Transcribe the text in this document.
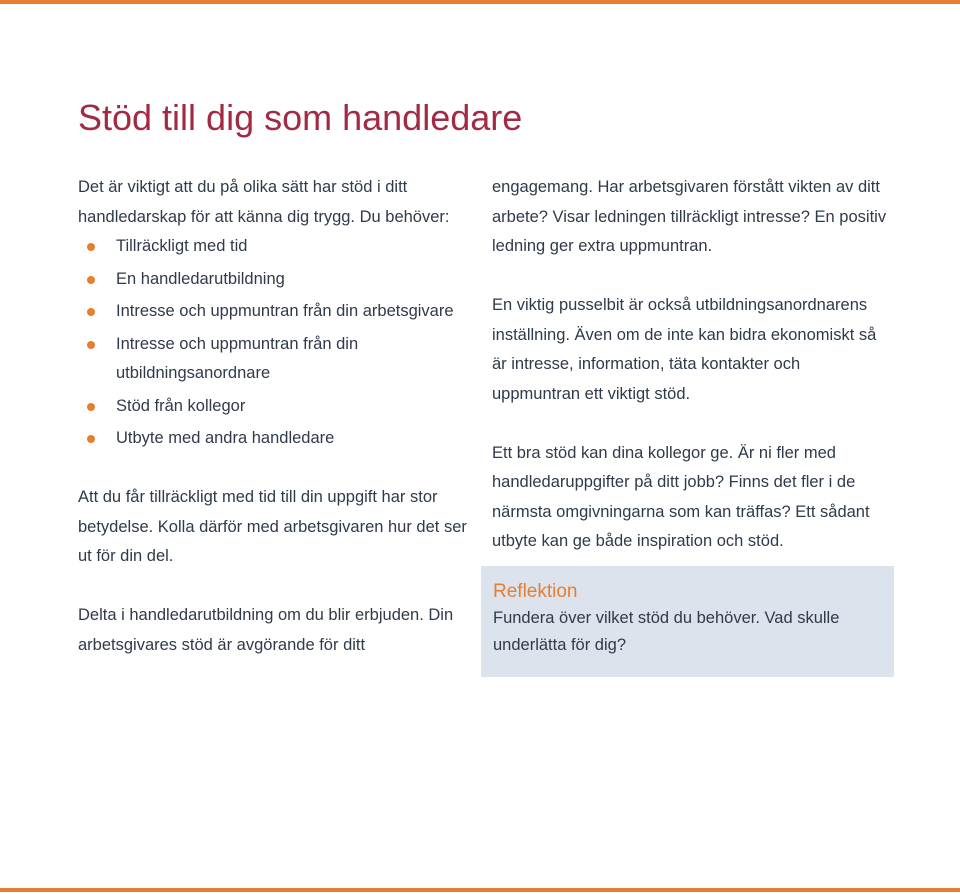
Stöd till dig som handledare

Det är viktigt att du på olika sätt har stöd i ditt handledarskap för att känna dig trygg. Du behöver:

Tillräckligt med tid
En handledarutbildning
Intresse och uppmuntran från din arbetsgivare
Intresse och uppmuntran från din utbildningsanordnare
Stöd från kollegor
Utbyte med andra handledare

Att du får tillräckligt med tid till din uppgift har stor betydelse. Kolla därför med arbetsgivaren hur det ser ut för din del.

Delta i handledarutbildning om du blir erbjuden. Din arbetsgivares stöd är avgörande för ditt

engagemang. Har arbetsgivaren förstått vikten av ditt arbete? Visar ledningen tillräckligt intresse? En positiv ledning ger extra uppmuntran.

En viktig pusselbit är också utbildningsanordnarens inställning. Även om de inte kan bidra ekonomiskt så är intresse, information, täta kontakter och uppmuntran ett viktigt stöd.

Ett bra stöd kan dina kollegor ge. Är ni fler med handledaruppgifter på ditt jobb? Finns det fler i de närmsta omgivningarna som kan träffas? Ett sådant utbyte kan ge både inspiration och stöd.

Reflektion

Fundera över vilket stöd du behöver. Vad skulle underlätta för dig?
